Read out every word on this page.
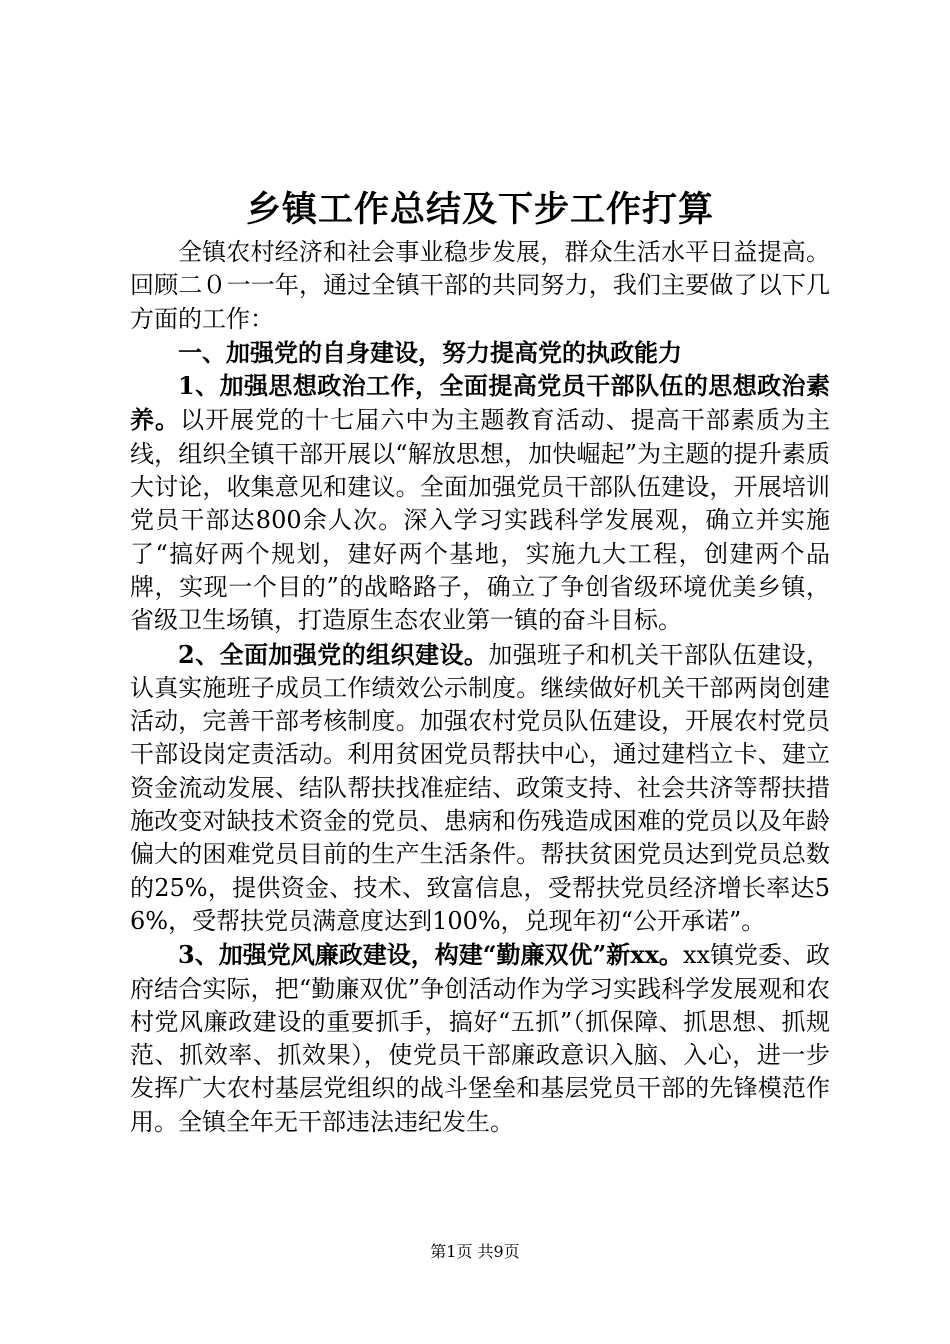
乡镇工作总结及下步工作打算

全镇农村经济和社会事业稳步发展，群众生活水平日益提高。回顾二０一一年，通过全镇干部的共同努力，我们主要做了以下几方面的工作：

一、加强党的自身建设，努力提高党的执政能力

1、加强思想政治工作，全面提高党员干部队伍的思想政治素养。以开展党的十七届六中为主题教育活动、提高干部素质为主线，组织全镇干部开展以“解放思想，加快崛起”为主题的提升素质大讨论，收集意见和建议。全面加强党员干部队伍建设，开展培训党员干部达800余人次。深入学习实践科学发展观，确立并实施了“搞好两个规划，建好两个基地，实施九大工程，创建两个品牌，实现一个目的”的战略路子，确立了争创省级环境优美乡镇，省级卫生场镇，打造原生态农业第一镇的奋斗目标。

2、全面加强党的组织建设。加强班子和机关干部队伍建设，认真实施班子成员工作绩效公示制度。继续做好机关干部两岗创建活动，完善干部考核制度。加强农村党员队伍建设，开展农村党员干部设岗定责活动。利用贫困党员帮扶中心，通过建档立卡、建立资金流动发展、结队帮扶找准症结、政策支持、社会共济等帮扶措施改变对缺技术资金的党员、患病和伤残造成困难的党员以及年龄偏大的困难党员目前的生产生活条件。帮扶贫困党员达到党员总数的25%，提供资金、技术、致富信息，受帮扶党员经济增长率达56%，受帮扶党员满意度达到100%，兑现年初“公开承诺”。

3、加强党风廉政建设，构建“勤廉双优”新xx。xx镇党委、政府结合实际，把“勤廉双优”争创活动作为学习实践科学发展观和农村党风廉政建设的重要抓手，搞好“五抓”（抓保障、抓思想、抓规范、抓效率、抓效果），使党员干部廉政意识入脑、入心，进一步发挥广大农村基层党组织的战斗堡垒和基层党员干部的先锋模范作用。全镇全年无干部违法违纪发生。

第1页 共9页
